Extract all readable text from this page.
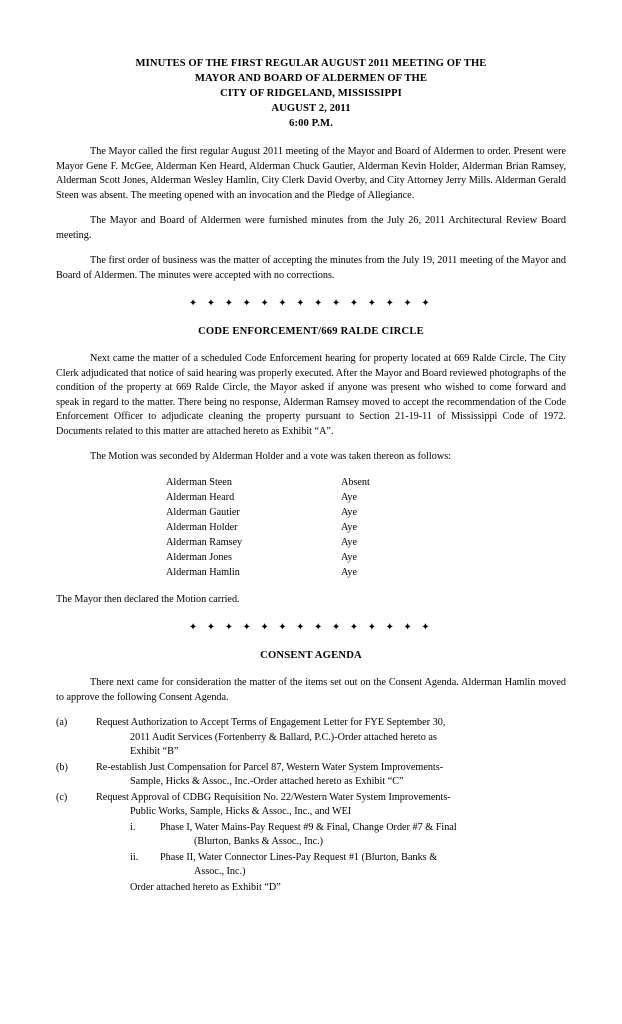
MINUTES OF THE FIRST REGULAR AUGUST 2011 MEETING OF THE
MAYOR AND BOARD OF ALDERMEN OF THE
CITY OF RIDGELAND, MISSISSIPPI
AUGUST 2, 2011
6:00 P.M.

The Mayor called the first regular August 2011 meeting of the Mayor and Board of Aldermen to order. Present were Mayor Gene F. McGee, Alderman Ken Heard, Alderman Chuck Gautier, Alderman Kevin Holder, Alderman Brian Ramsey, Alderman Scott Jones, Alderman Wesley Hamlin, City Clerk David Overby, and City Attorney Jerry Mills. Alderman Gerald Steen was absent. The meeting opened with an invocation and the Pledge of Allegiance.

The Mayor and Board of Aldermen were furnished minutes from the July 26, 2011 Architectural Review Board meeting.

The first order of business was the matter of accepting the minutes from the July 19, 2011 meeting of the Mayor and Board of Aldermen. The minutes were accepted with no corrections.

✦ ✦ ✦ ✦ ✦ ✦ ✦ ✦ ✦ ✦ ✦ ✦ ✦ ✦
CODE ENFORCEMENT/669 RALDE CIRCLE

Next came the matter of a scheduled Code Enforcement hearing for property located at 669 Ralde Circle. The City Clerk adjudicated that notice of said hearing was properly executed. After the Mayor and Board reviewed photographs of the condition of the property at 669 Ralde Circle, the Mayor asked if anyone was present who wished to come forward and speak in regard to the matter. There being no response, Alderman Ramsey moved to accept the recommendation of the Code Enforcement Officer to adjudicate cleaning the property pursuant to Section 21-19-11 of Mississippi Code of 1972. Documents related to this matter are attached hereto as Exhibit “A”.

The Motion was seconded by Alderman Holder and a vote was taken thereon as follows:

Alderman Steen	Absent
Alderman Heard	Aye
Alderman Gautier	Aye
Alderman Holder	Aye
Alderman Ramsey	Aye
Alderman Jones	Aye
Alderman Hamlin	Aye

The Mayor then declared the Motion carried.

✦ ✦ ✦ ✦ ✦ ✦ ✦ ✦ ✦ ✦ ✦ ✦ ✦ ✦
CONSENT AGENDA

There next came for consideration the matter of the items set out on the Consent Agenda. Alderman Hamlin moved to approve the following Consent Agenda.

(a)	Request Authorization to Accept Terms of Engagement Letter for FYE September 30,
2011 Audit Services (Fortenberry & Ballard, P.C.)-Order attached hereto as
Exhibit “B”
(b)	Re-establish Just Compensation for Parcel 87, Western Water System Improvements-
Sample, Hicks & Assoc., Inc.-Order attached hereto as Exhibit “C”
(c)	Request Approval of CDBG Requisition No. 22/Western Water System Improvements-
Public Works, Sample, Hicks & Assoc., Inc., and WEI
i.	Phase I, Water Mains-Pay Request #9 & Final, Change Order #7 & Final
(Blurton, Banks & Assoc., Inc.)
ii.	Phase II, Water Connector Lines-Pay Request #1 (Blurton, Banks &
Assoc., Inc.)
Order attached hereto as Exhibit “D”
